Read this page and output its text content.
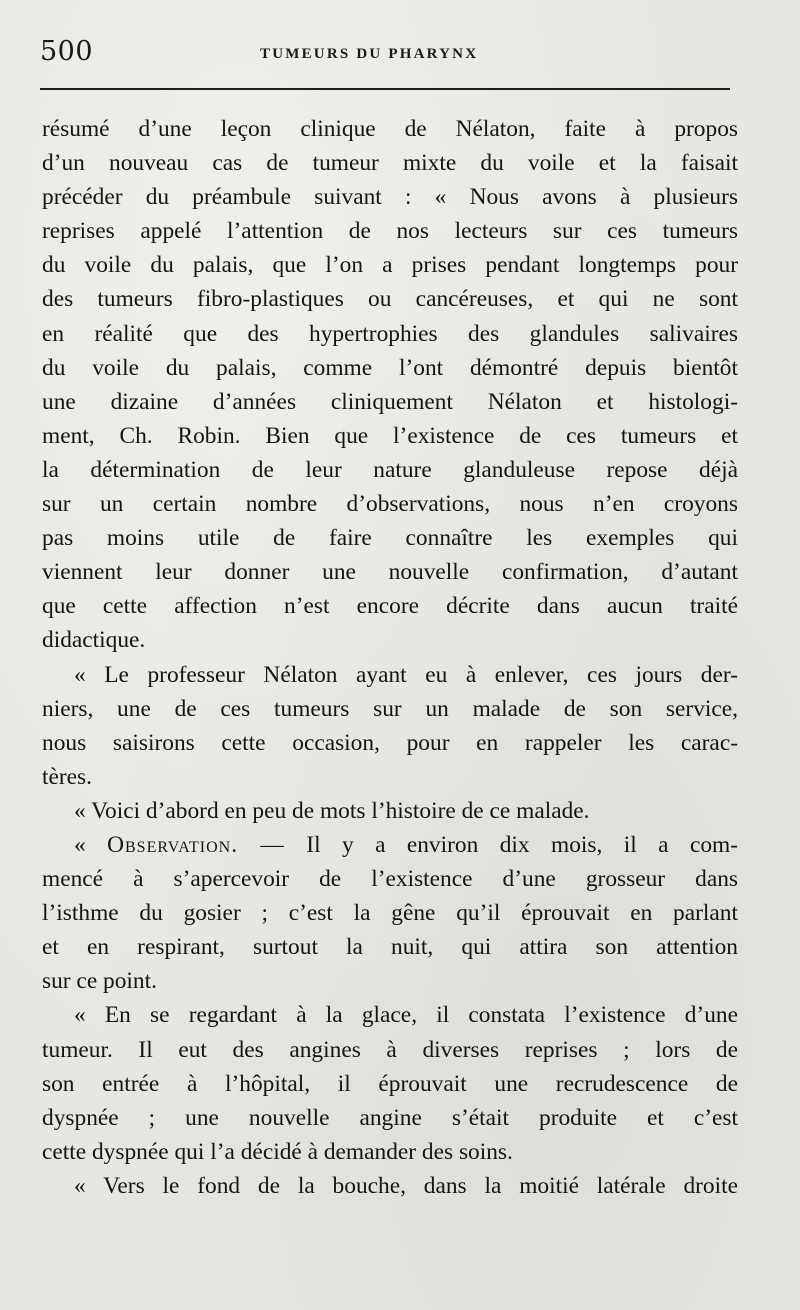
500	TUMEURS DU PHARYNX
résumé d’une leçon clinique de Nélaton, faite à propos
d’un nouveau cas de tumeur mixte du voile et la faisait
précéder du préambule suivant : « Nous avons à plusieurs
reprises appelé l’attention de nos lecteurs sur ces tumeurs
du voile du palais, que l’on a prises pendant longtemps pour
des tumeurs fibro-plastiques ou cancéreuses, et qui ne sont
en réalité que des hypertrophies des glandules salivaires
du voile du palais, comme l’ont démontré depuis bientôt
une dizaine d’années cliniquement Nélaton et histologi-
ment, Ch. Robin. Bien que l’existence de ces tumeurs et
la détermination de leur nature glanduleuse repose déjà
sur un certain nombre d’observations, nous n’en croyons
pas moins utile de faire connaître les exemples qui
viennent leur donner une nouvelle confirmation, d’autant
que cette affection n’est encore décrite dans aucun traité
didactique.
« Le professeur Nélaton ayant eu à enlever, ces jours der-
niers, une de ces tumeurs sur un malade de son service,
nous saisirons cette occasion, pour en rappeler les carac-
tères.
« Voici d’abord en peu de mots l’histoire de ce malade.
« Observation. — Il y a environ dix mois, il a com-
mencé à s’apercevoir de l’existence d’une grosseur dans
l’isthme du gosier ; c’est la gêne qu’il éprouvait en parlant
et en respirant, surtout la nuit, qui attira son attention
sur ce point.
« En se regardant à la glace, il constata l’existence d’une
tumeur. Il eut des angines à diverses reprises ; lors de
son entrée à l’hôpital, il éprouvait une recrudescence de
dyspnée ; une nouvelle angine s’était produite et c’est
cette dyspnée qui l’a décidé à demander des soins.
« Vers le fond de la bouche, dans la moitié latérale droite
